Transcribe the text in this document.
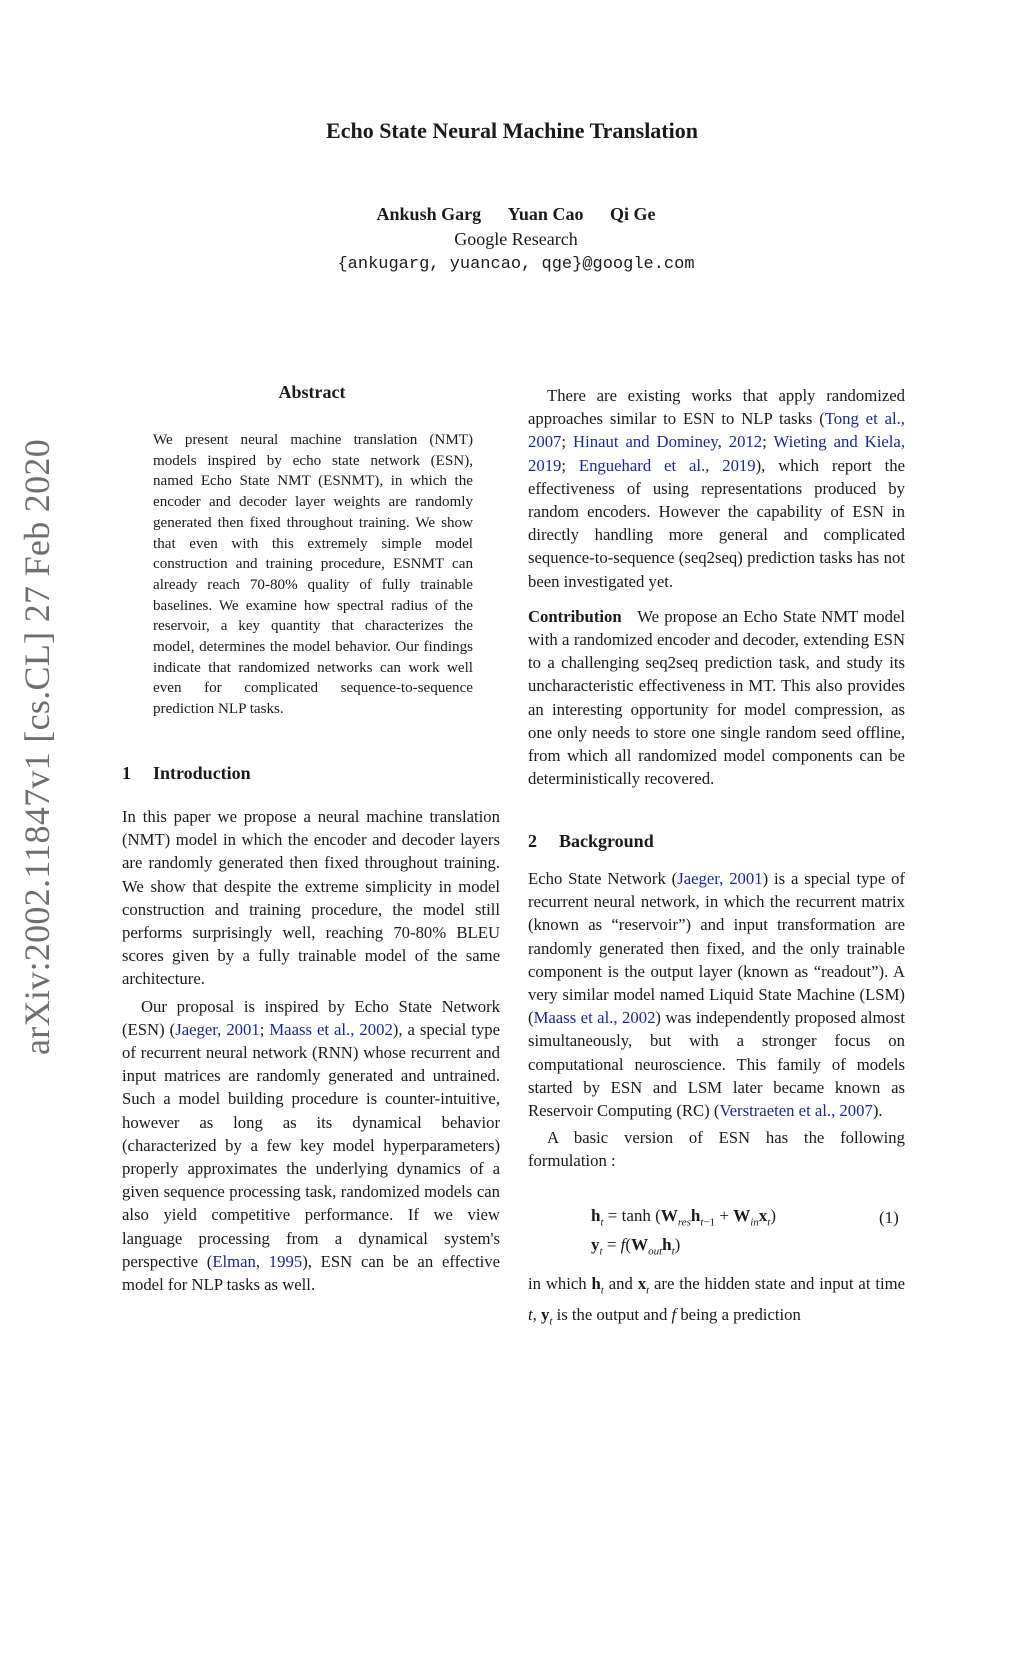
Echo State Neural Machine Translation
Ankush Garg Yuan Cao Qi Ge
Google Research
{ankugarg, yuancao, qge}@google.com
arXiv:2002.11847v1 [cs.CL] 27 Feb 2020
Abstract
We present neural machine translation (NMT) models inspired by echo state network (ESN), named Echo State NMT (ESNMT), in which the encoder and decoder layer weights are randomly generated then fixed throughout training. We show that even with this extremely simple model construction and training procedure, ESNMT can already reach 70-80% quality of fully trainable baselines. We examine how spectral radius of the reservoir, a key quantity that characterizes the model, determines the model behavior. Our findings indicate that randomized networks can work well even for complicated sequence-to-sequence prediction NLP tasks.
1 Introduction

In this paper we propose a neural machine translation (NMT) model in which the encoder and decoder layers are randomly generated then fixed throughout training. We show that despite the extreme simplicity in model construction and training procedure, the model still performs surprisingly well, reaching 70-80% BLEU scores given by a fully trainable model of the same architecture.

Our proposal is inspired by Echo State Network (ESN) (Jaeger, 2001; Maass et al., 2002), a special type of recurrent neural network (RNN) whose recurrent and input matrices are randomly generated and untrained. Such a model building procedure is counter-intuitive, however as long as its dynamical behavior (characterized by a few key model hyperparameters) properly approximates the underlying dynamics of a given sequence processing task, randomized models can also yield competitive performance. If we view language processing from a dynamical system's perspective (Elman, 1995), ESN can be an effective model for NLP tasks as well.

There are existing works that apply randomized approaches similar to ESN to NLP tasks (Tong et al., 2007; Hinaut and Dominey, 2012; Wieting and Kiela, 2019; Enguehard et al., 2019), which report the effectiveness of using representations produced by random encoders. However the capability of ESN in directly handling more general and complicated sequence-to-sequence (seq2seq) prediction tasks has not been investigated yet.

Contribution We propose an Echo State NMT model with a randomized encoder and decoder, extending ESN to a challenging seq2seq prediction task, and study its uncharacteristic effectiveness in MT. This also provides an interesting opportunity for model compression, as one only needs to store one single random seed offline, from which all randomized model components can be deterministically recovered.

2 Background

Echo State Network (Jaeger, 2001) is a special type of recurrent neural network, in which the recurrent matrix (known as “reservoir”) and input transformation are randomly generated then fixed, and the only trainable component is the output layer (known as “readout”). A very similar model named Liquid State Machine (LSM) (Maass et al., 2002) was independently proposed almost simultaneously, but with a stronger focus on computational neuroscience. This family of models started by ESN and LSM later became known as Reservoir Computing (RC) (Verstraeten et al., 2007).

A basic version of ESN has the following formulation :

$h_t = \tanh (W_{res}h_{t-1} + W_{in}x_t)$
$y_t = f(W_{out}h_t)$
(1)

in which $h_t$ and $x_t$ are the hidden state and input at time t, $y_t$ is the output and f being a prediction
